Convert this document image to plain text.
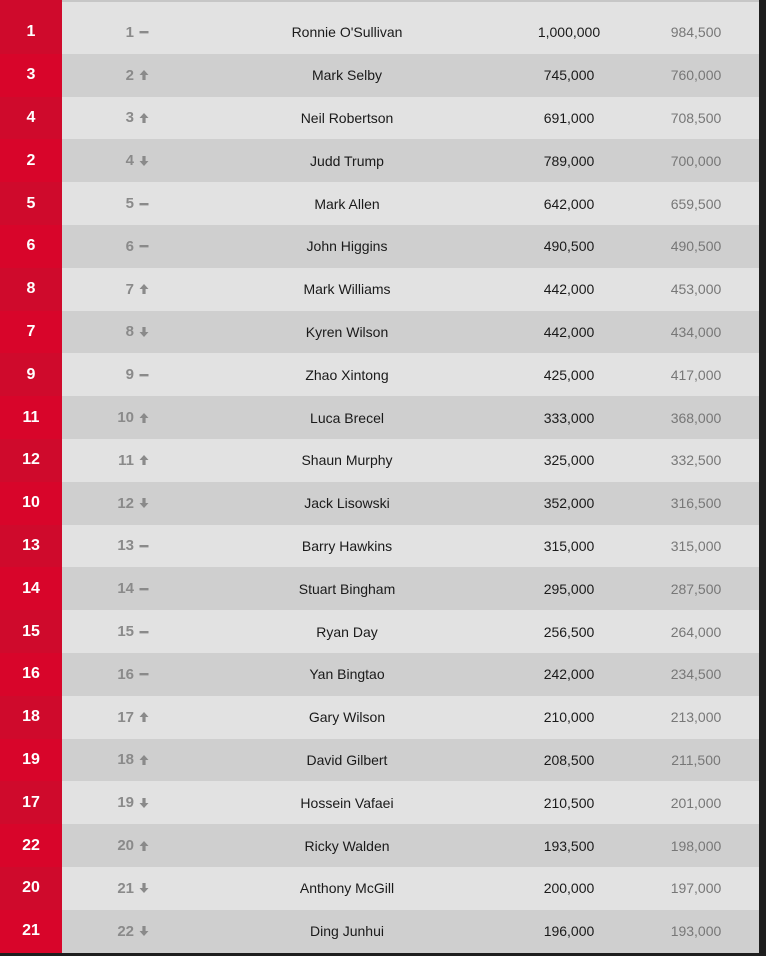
1	1	Ronnie O'Sullivan	1,000,000	984,500
3	2	Mark Selby	745,000	760,000
4	3	Neil Robertson	691,000	708,500
2	4	Judd Trump	789,000	700,000
5	5	Mark Allen	642,000	659,500
6	6	John Higgins	490,500	490,500
8	7	Mark Williams	442,000	453,000
7	8	Kyren Wilson	442,000	434,000
9	9	Zhao Xintong	425,000	417,000
11	10	Luca Brecel	333,000	368,000
12	11	Shaun Murphy	325,000	332,500
10	12	Jack Lisowski	352,000	316,500
13	13	Barry Hawkins	315,000	315,000
14	14	Stuart Bingham	295,000	287,500
15	15	Ryan Day	256,500	264,000
16	16	Yan Bingtao	242,000	234,500
18	17	Gary Wilson	210,000	213,000
19	18	David Gilbert	208,500	211,500
17	19	Hossein Vafaei	210,500	201,000
22	20	Ricky Walden	193,500	198,000
20	21	Anthony McGill	200,000	197,000
21	22	Ding Junhui	196,000	193,000
